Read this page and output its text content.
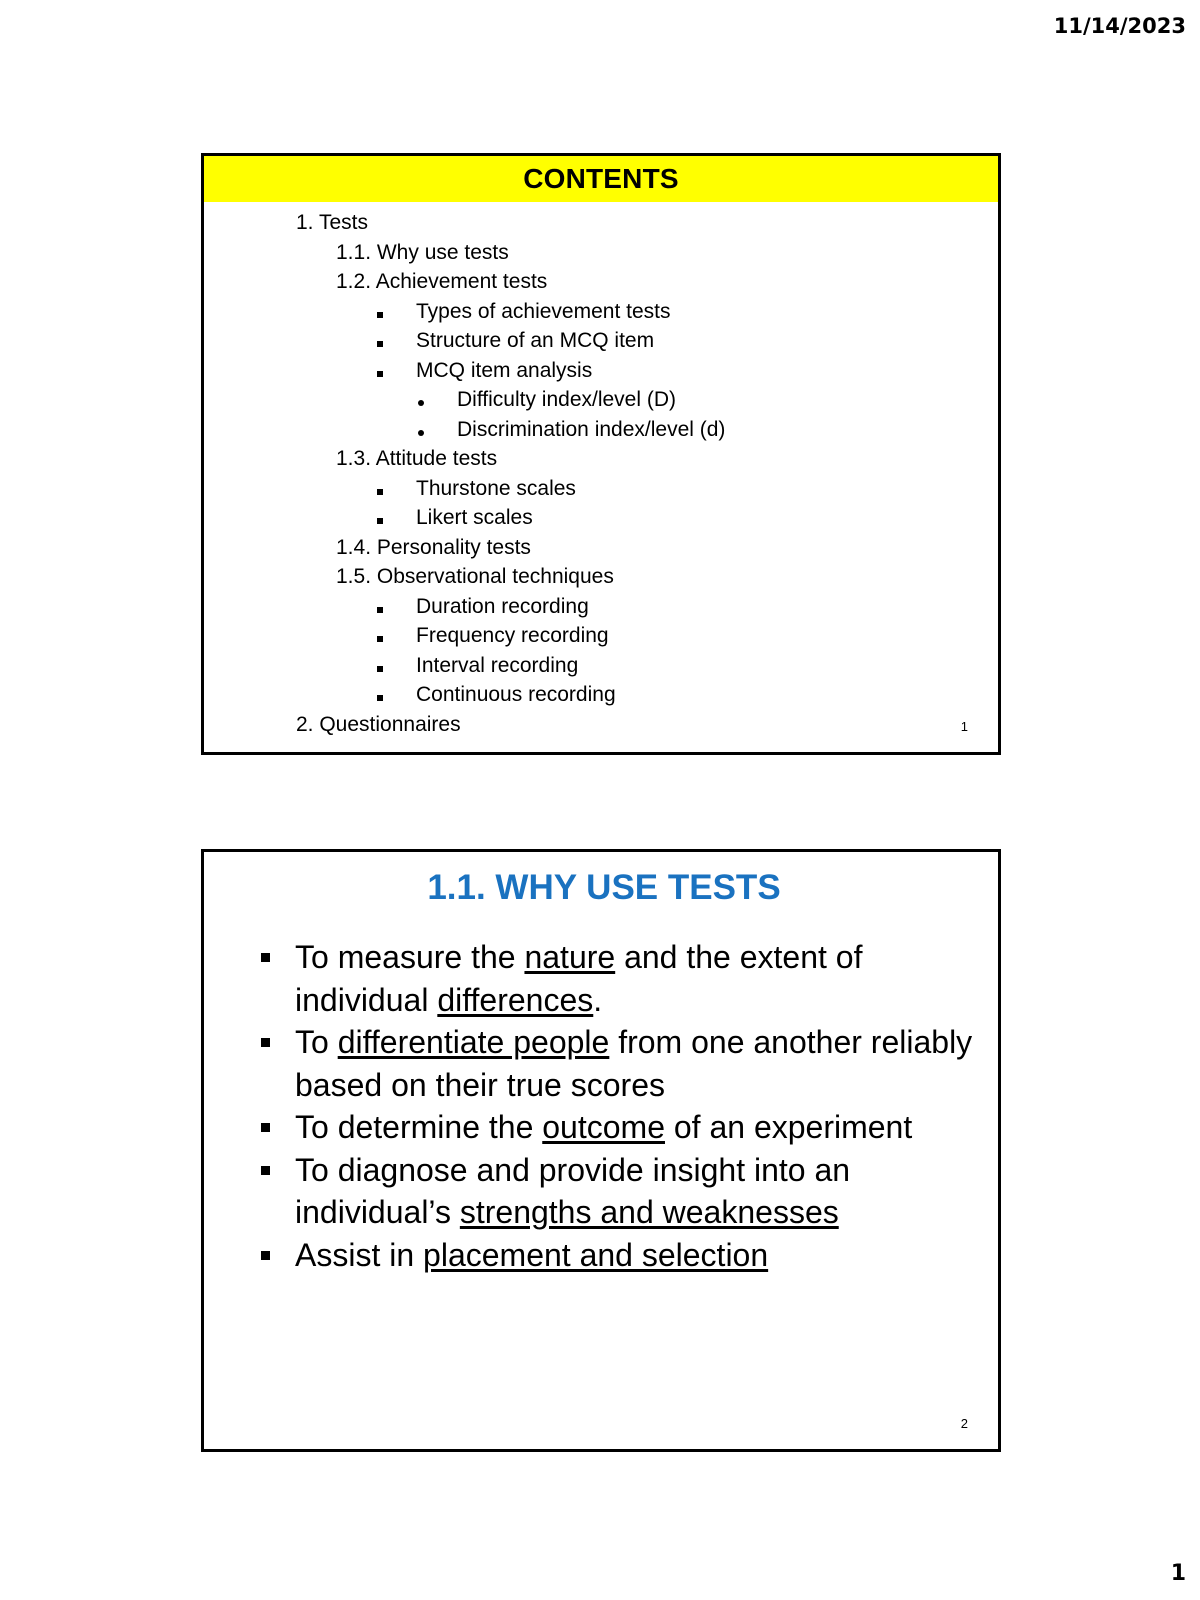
11/14/2023
CONTENTS
1. Tests
1.1. Why use tests
1.2. Achievement tests
Types of achievement tests
Structure of an MCQ item
MCQ item analysis
Difficulty index/level (D)
Discrimination index/level (d)
1.3. Attitude tests
Thurstone scales
Likert scales
1.4. Personality tests
1.5. Observational techniques
Duration recording
Frequency recording
Interval recording
Continuous recording
2. Questionnaires	1
1.1. WHY USE TESTS
To measure the nature and the extent of individual differences.
To differentiate people from one another reliably based on their true scores
To determine the outcome of an experiment
To diagnose and provide insight into an individual’s strengths and weaknesses
Assist in placement and selection
2
1
